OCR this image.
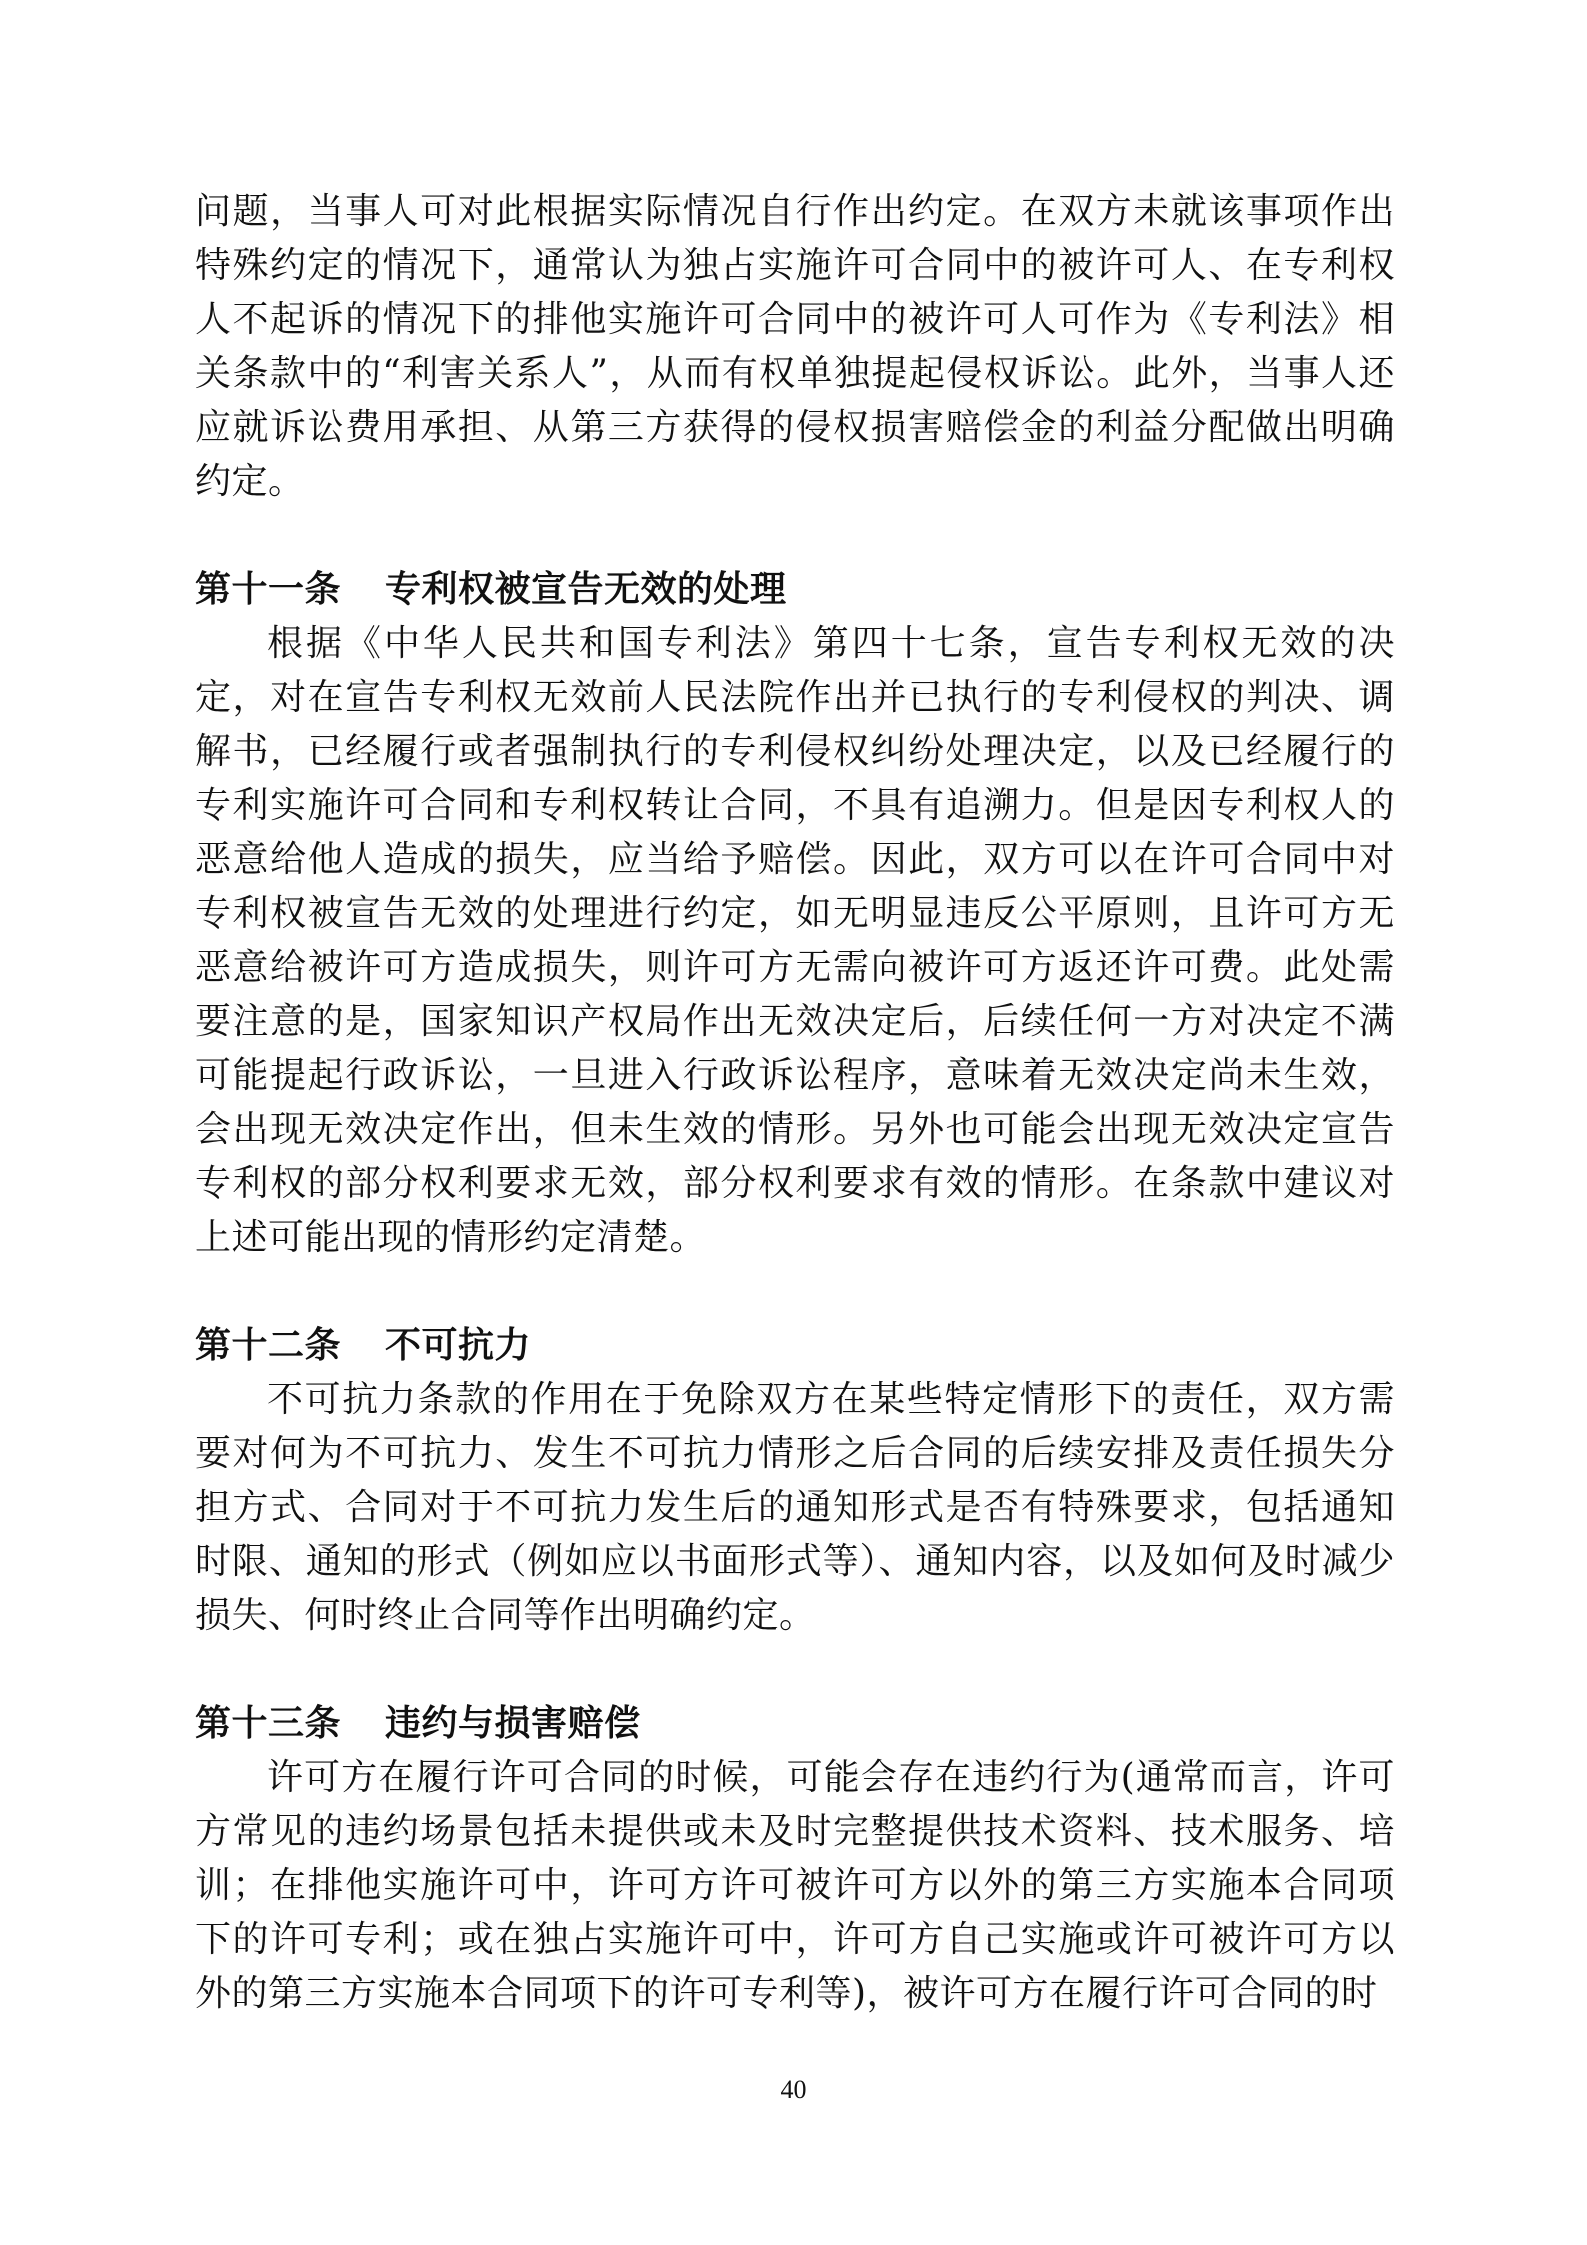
问题，当事人可对此根据实际情况自行作出约定。在双方未就该事项作出特殊约定的情况下，通常认为独占实施许可合同中的被许可人、在专利权人不起诉的情况下的排他实施许可合同中的被许可人可作为《专利法》相关条款中的“利害关系人”，从而有权单独提起侵权诉讼。此外，当事人还应就诉讼费用承担、从第三方获得的侵权损害赔偿金的利益分配做出明确约定。

第十一条	专利权被宣告无效的处理

根据《中华人民共和国专利法》第四十七条，宣告专利权无效的决定，对在宣告专利权无效前人民法院作出并已执行的专利侵权的判决、调解书，已经履行或者强制执行的专利侵权纠纷处理决定，以及已经履行的专利实施许可合同和专利权转让合同，不具有追溯力。但是因专利权人的恶意给他人造成的损失，应当给予赔偿。因此，双方可以在许可合同中对专利权被宣告无效的处理进行约定，如无明显违反公平原则，且许可方无恶意给被许可方造成损失，则许可方无需向被许可方返还许可费。此处需要注意的是，国家知识产权局作出无效决定后，后续任何一方对决定不满可能提起行政诉讼，一旦进入行政诉讼程序，意味着无效决定尚未生效，会出现无效决定作出，但未生效的情形。另外也可能会出现无效决定宣告专利权的部分权利要求无效，部分权利要求有效的情形。在条款中建议对上述可能出现的情形约定清楚。

第十二条	不可抗力

不可抗力条款的作用在于免除双方在某些特定情形下的责任，双方需要对何为不可抗力、发生不可抗力情形之后合同的后续安排及责任损失分担方式、合同对于不可抗力发生后的通知形式是否有特殊要求，包括通知时限、通知的形式（例如应以书面形式等）、通知内容，以及如何及时减少损失、何时终止合同等作出明确约定。

第十三条	违约与损害赔偿

许可方在履行许可合同的时候，可能会存在违约行为(通常而言，许可方常见的违约场景包括未提供或未及时完整提供技术资料、技术服务、培训；在排他实施许可中，许可方许可被许可方以外的第三方实施本合同项下的许可专利；或在独占实施许可中，许可方自己实施或许可被许可方以外的第三方实施本合同项下的许可专利等)，被许可方在履行许可合同的时

40
